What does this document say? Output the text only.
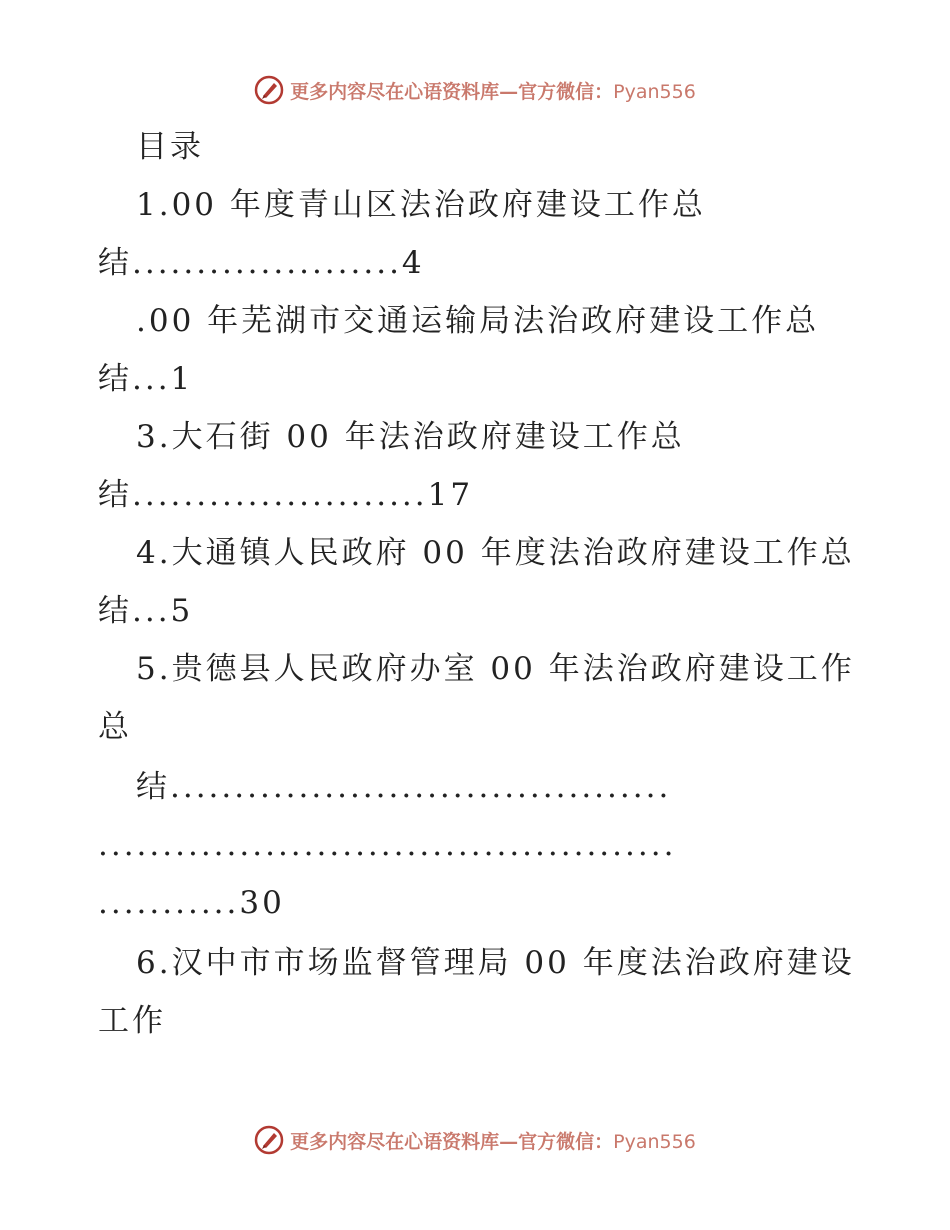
更多内容尽在心语资料库—官方微信：Pyan556
目录
1.00 年度青山区法治政府建设工作总
结.....................4
.00 年芜湖市交通运输局法治政府建设工作总
结...1
3.大石街 00 年法治政府建设工作总
结.......................17
4.大通镇人民政府 00 年度法治政府建设工作总
结...5
5.贵德县人民政府办室 00 年法治政府建设工作
总
结.......................................
.............................................
...........30
6.汉中市市场监督管理局 00 年度法治政府建设
工作
更多内容尽在心语资料库—官方微信：Pyan556
